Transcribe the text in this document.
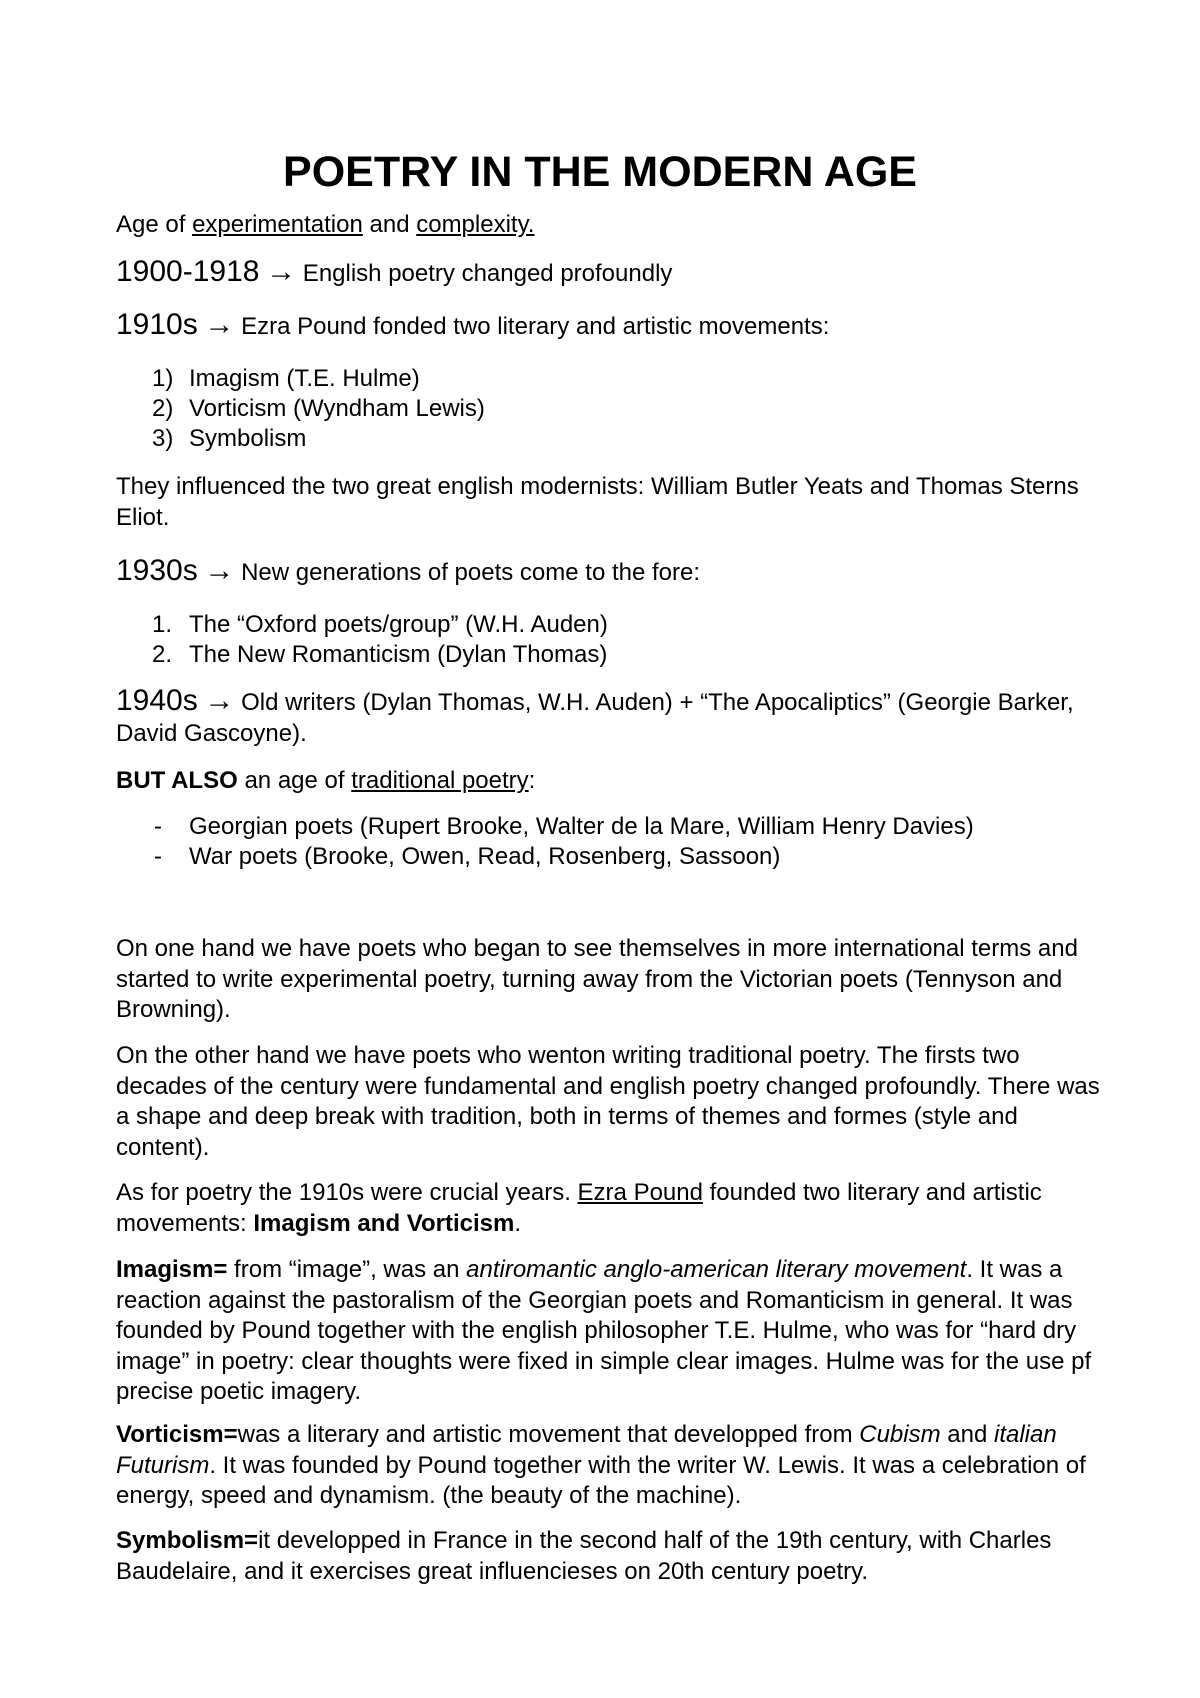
POETRY IN THE MODERN AGE

Age of experimentation and complexity.

1900-1918 → English poetry changed profoundly

1910s → Ezra Pound fonded two literary and artistic movements:

1) Imagism (T.E. Hulme)
2) Vorticism (Wyndham Lewis)
3) Symbolism

They influenced the two great english modernists: William Butler Yeats and Thomas Sterns Eliot.

1930s → New generations of poets come to the fore:

1. The “Oxford poets/group” (W.H. Auden)
2. The New Romanticism (Dylan Thomas)

1940s → Old writers (Dylan Thomas, W.H. Auden) + “The Apocaliptics” (Georgie Barker, David Gascoyne).

BUT ALSO an age of traditional poetry:

-	Georgian poets (Rupert Brooke, Walter de la Mare, William Henry Davies)
-	War poets (Brooke, Owen, Read, Rosenberg, Sassoon)

On one hand we have poets who began to see themselves in more international terms and started to write experimental poetry, turning away from the Victorian poets (Tennyson and Browning).

On the other hand we have poets who wenton writing traditional poetry. The firsts two decades of the century were fundamental and english poetry changed profoundly. There was a shape and deep break with tradition, both in terms of themes and formes (style and content).

As for poetry the 1910s were crucial years. Ezra Pound founded two literary and artistic movements: Imagism and Vorticism.

Imagism= from “image”, was an antiromantic anglo-american literary movement. It was a reaction against the pastoralism of the Georgian poets and Romanticism in general. It was founded by Pound together with the english philosopher T.E. Hulme, who was for “hard dry image” in poetry: clear thoughts were fixed in simple clear images. Hulme was for the use pf precise poetic imagery.

Vorticism=was a literary and artistic movement that developped from Cubism and italian Futurism. It was founded by Pound together with the writer W. Lewis. It was a celebration of energy, speed and dynamism. (the beauty of the machine).

Symbolism=it developped in France in the second half of the 19th century, with Charles Baudelaire, and it exercises great influencieses on 20th century poetry.
